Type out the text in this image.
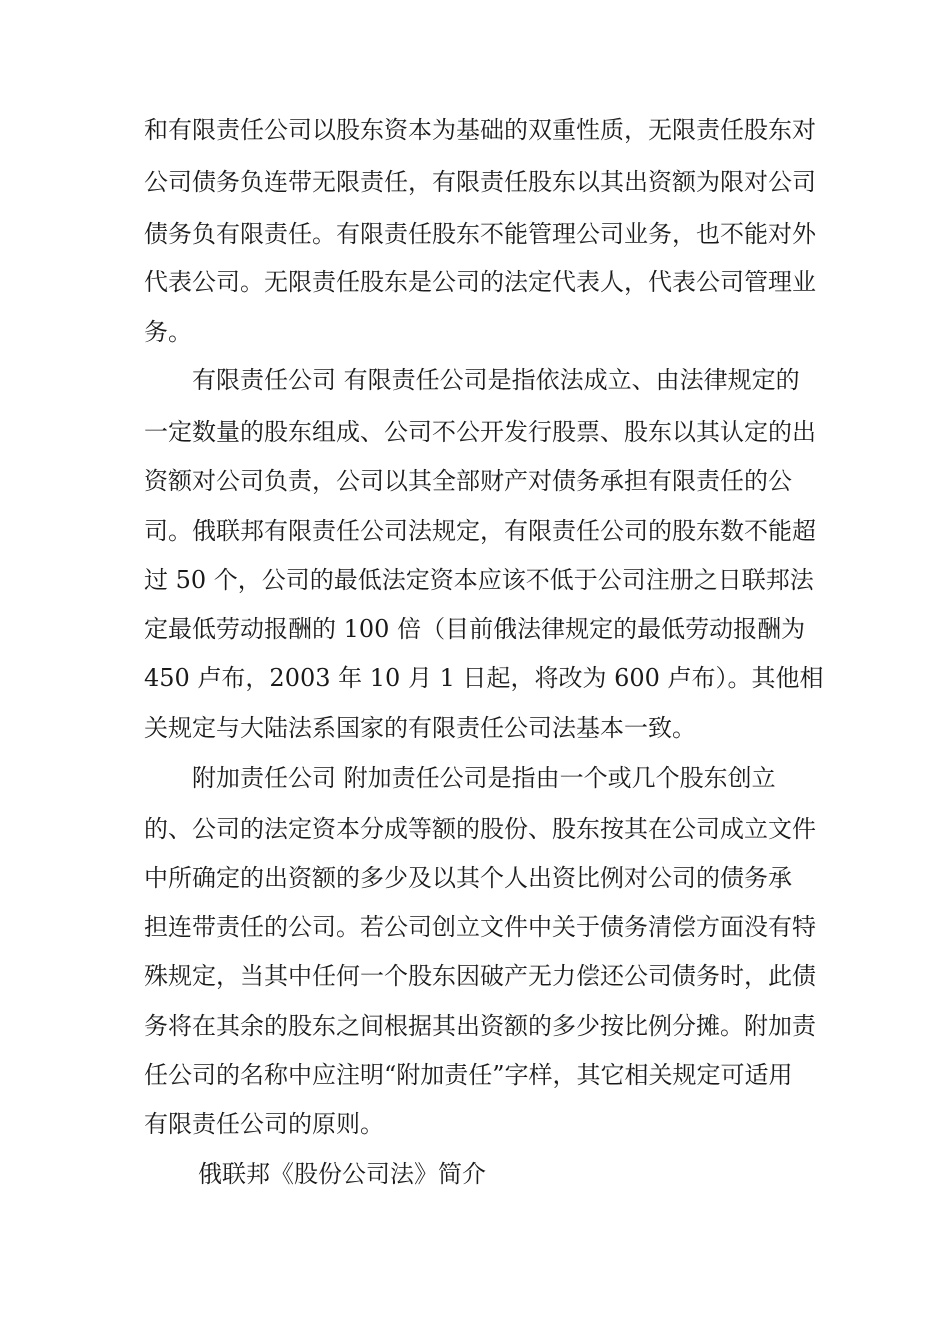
和有限责任公司以股东资本为基础的双重性质，无限责任股东对

公司债务负连带无限责任，有限责任股东以其出资额为限对公司

债务负有限责任。有限责任股东不能管理公司业务，也不能对外

代表公司。无限责任股东是公司的法定代表人，代表公司管理业

务。

有限责任公司 有限责任公司是指依法成立、由法律规定的

一定数量的股东组成、公司不公开发行股票、股东以其认定的出

资额对公司负责，公司以其全部财产对债务承担有限责任的公

司。俄联邦有限责任公司法规定，有限责任公司的股东数不能超

过 50 个，公司的最低法定资本应该不低于公司注册之日联邦法

定最低劳动报酬的 100 倍（目前俄法律规定的最低劳动报酬为

450 卢布，2003 年 10 月 1 日起，将改为 600 卢布）。其他相

关规定与大陆法系国家的有限责任公司法基本一致。

附加责任公司 附加责任公司是指由一个或几个股东创立

的、公司的法定资本分成等额的股份、股东按其在公司成立文件

中所确定的出资额的多少及以其个人出资比例对公司的债务承

担连带责任的公司。若公司创立文件中关于债务清偿方面没有特

殊规定，当其中任何一个股东因破产无力偿还公司债务时，此债

务将在其余的股东之间根据其出资额的多少按比例分摊。附加责

任公司的名称中应注明“附加责任”字样，其它相关规定可适用

有限责任公司的原则。

俄联邦《股份公司法》简介
